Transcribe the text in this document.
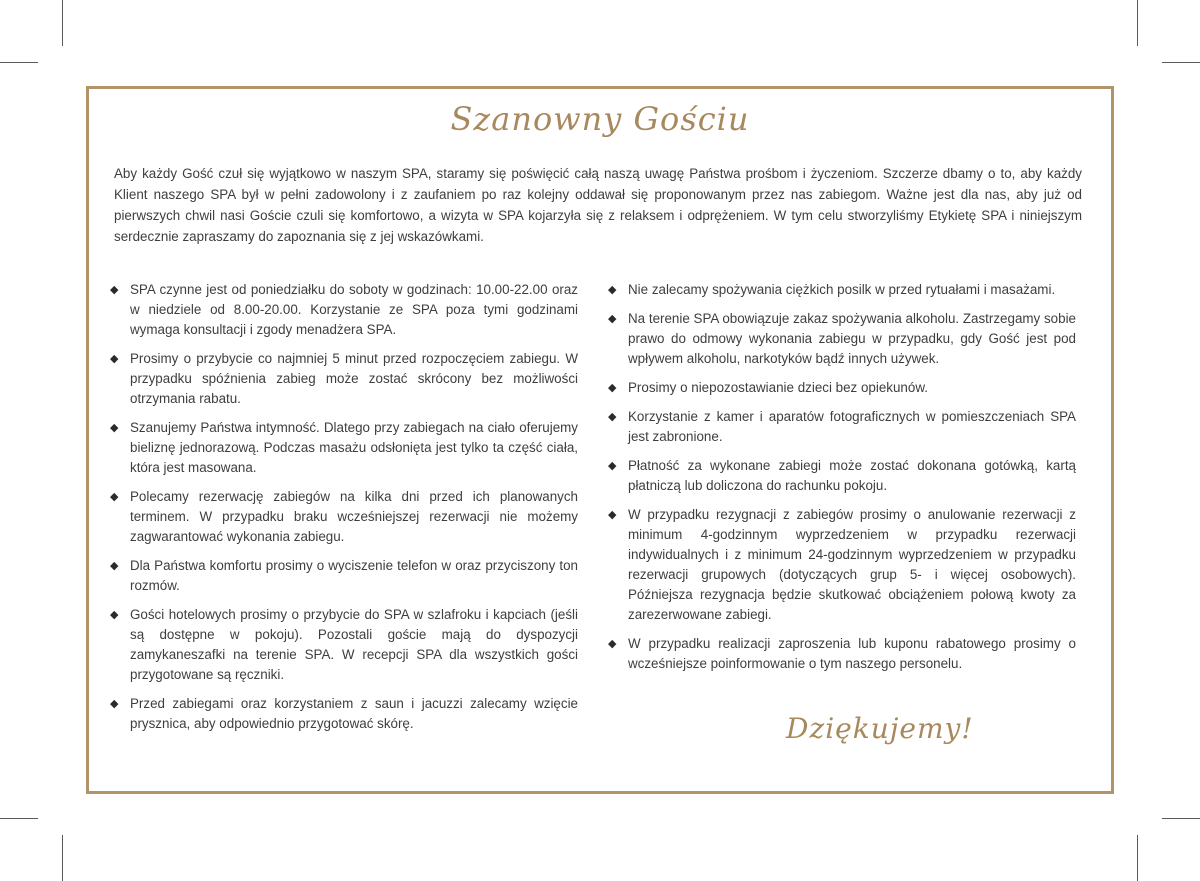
Szanowny Gościu
Aby każdy Gość czuł się wyjątkowo w naszym SPA, staramy się poświęcić całą naszą uwagę Państwa prośbom i życzeniom. Szczerze dbamy o to, aby każdy Klient naszego SPA był w pełni zadowolony i z zaufaniem po raz kolejny oddawał się proponowanym przez nas zabiegom. Ważne jest dla nas, aby już od pierwszych chwil nasi Goście czuli się komfortowo, a wizyta w SPA kojarzyła się z relaksem i odprężeniem. W tym celu stworzyliśmy Etykietę SPA i niniejszym serdecznie zapraszamy do zapoznania się z jej wskazówkami.
◆ SPA czynne jest od poniedziałku do soboty w godzinach: 10.00-22.00 oraz w niedziele od 8.00-20.00. Korzystanie ze SPA poza tymi godzinami wymaga konsultacji i zgody menadżera SPA.
◆ Prosimy o przybycie co najmniej 5 minut przed rozpoczęciem zabiegu. W przypadku spóźnienia zabieg może zostać skrócony bez możliwości otrzymania rabatu.
◆ Szanujemy Państwa intymność. Dlatego przy zabiegach na ciało oferujemy bieliznę jednorazową. Podczas masażu odsłonięta jest tylko ta część ciała, która jest masowana.
◆ Polecamy rezerwację zabiegów na kilka dni przed ich planowanych terminem. W przypadku braku wcześniejszej rezerwacji nie możemy zagwarantować wykonania zabiegu.
◆ Dla Państwa komfortu prosimy o wyciszenie telefon w oraz przyciszony ton rozmów.
◆ Gości hotelowych prosimy o przybycie do SPA w szlafroku i kapciach (jeśli są dostępne w pokoju). Pozostali goście mają do dyspozycji zamykaneszafki na terenie SPA. W recepcji SPA dla wszystkich gości przygotowane są ręczniki.
◆ Przed zabiegami oraz korzystaniem z saun i jacuzzi zalecamy wzięcie prysznica, aby odpowiednio przygotować skórę.
◆ Nie zalecamy spożywania ciężkich posilk w przed rytuałami i masażami.
◆ Na terenie SPA obowiązuje zakaz spożywania alkoholu. Zastrzegamy sobie prawo do odmowy wykonania zabiegu w przypadku, gdy Gość jest pod wpływem alkoholu, narkotyków bądź innych używek.
◆ Prosimy o niepozostawianie dzieci bez opiekunów.
◆ Korzystanie z kamer i aparatów fotograficznych w pomieszczeniach SPA jest zabronione.
◆ Płatność za wykonane zabiegi może zostać dokonana gotówką, kartą płatniczą lub doliczona do rachunku pokoju.
◆ W przypadku rezygnacji z zabiegów prosimy o anulowanie rezerwacji z minimum 4-godzinnym wyprzedzeniem w przypadku rezerwacji indywidualnych i z minimum 24-godzinnym wyprzedzeniem w przypadku rezerwacji grupowych (dotyczących grup 5- i więcej osobowych). Późniejsza rezygnacja będzie skutkować obciążeniem połową kwoty za zarezerwowane zabiegi.
◆ W przypadku realizacji zaproszenia lub kuponu rabatowego prosimy o wcześniejsze poinformowanie o tym naszego personelu.
Dziękujemy!
